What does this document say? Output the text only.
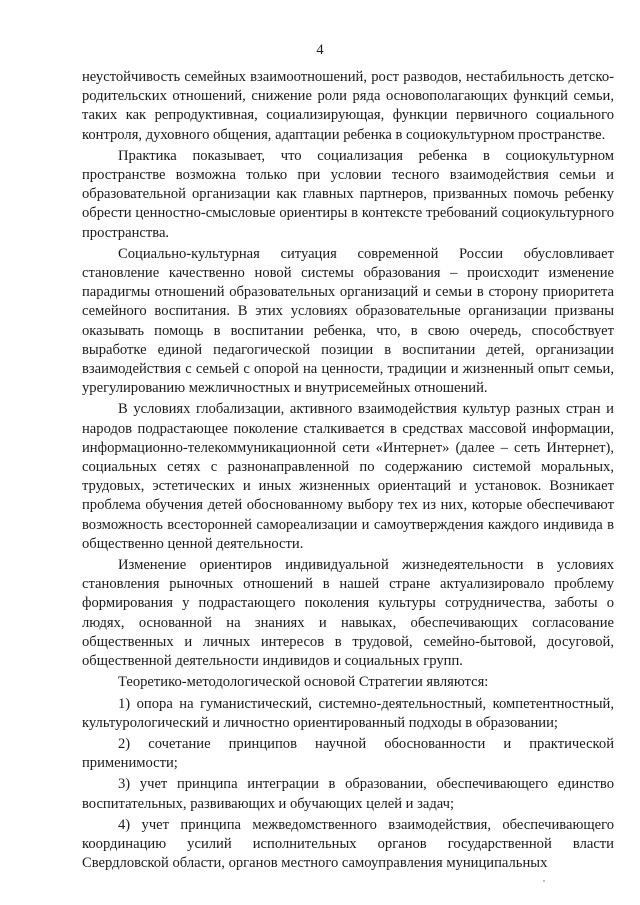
4

неустойчивость семейных взаимоотношений, рост разводов, нестабильность детско-родительских отношений, снижение роли ряда основополагающих функций семьи, таких как репродуктивная, социализирующая, функции первичного социального контроля, духовного общения, адаптации ребенка в социокультурном пространстве.

Практика показывает, что социализация ребенка в социокультурном пространстве возможна только при условии тесного взаимодействия семьи и образовательной организации как главных партнеров, призванных помочь ребенку обрести ценностно-смысловые ориентиры в контексте требований социокультурного пространства.

Социально-культурная ситуация современной России обусловливает становление качественно новой системы образования – происходит изменение парадигмы отношений образовательных организаций и семьи в сторону приоритета семейного воспитания. В этих условиях образовательные организации призваны оказывать помощь в воспитании ребенка, что, в свою очередь, способствует выработке единой педагогической позиции в воспитании детей, организации взаимодействия с семьей с опорой на ценности, традиции и жизненный опыт семьи, урегулированию межличностных и внутрисемейных отношений.

В условиях глобализации, активного взаимодействия культур разных стран и народов подрастающее поколение сталкивается в средствах массовой информации, информационно-телекоммуникационной сети «Интернет» (далее – сеть Интернет), социальных сетях с разнонаправленной по содержанию системой моральных, трудовых, эстетических и иных жизненных ориентаций и установок. Возникает проблема обучения детей обоснованному выбору тех из них, которые обеспечивают возможность всесторонней самореализации и самоутверждения каждого индивида в общественно ценной деятельности.

Изменение ориентиров индивидуальной жизнедеятельности в условиях становления рыночных отношений в нашей стране актуализировало проблему формирования у подрастающего поколения культуры сотрудничества, заботы о людях, основанной на знаниях и навыках, обеспечивающих согласование общественных и личных интересов в трудовой, семейно-бытовой, досуговой, общественной деятельности индивидов и социальных групп.

Теоретико-методологической основой Стратегии являются:

1) опора на гуманистический, системно-деятельностный, компетентностный, культурологический и личностно ориентированный подходы в образовании;

2) сочетание принципов научной обоснованности и практической применимости;

3) учет принципа интеграции в образовании, обеспечивающего единство воспитательных, развивающих и обучающих целей и задач;

4) учет принципа межведомственного взаимодействия, обеспечивающего координацию усилий исполнительных органов государственной власти Свердловской области, органов местного самоуправления муниципальных
